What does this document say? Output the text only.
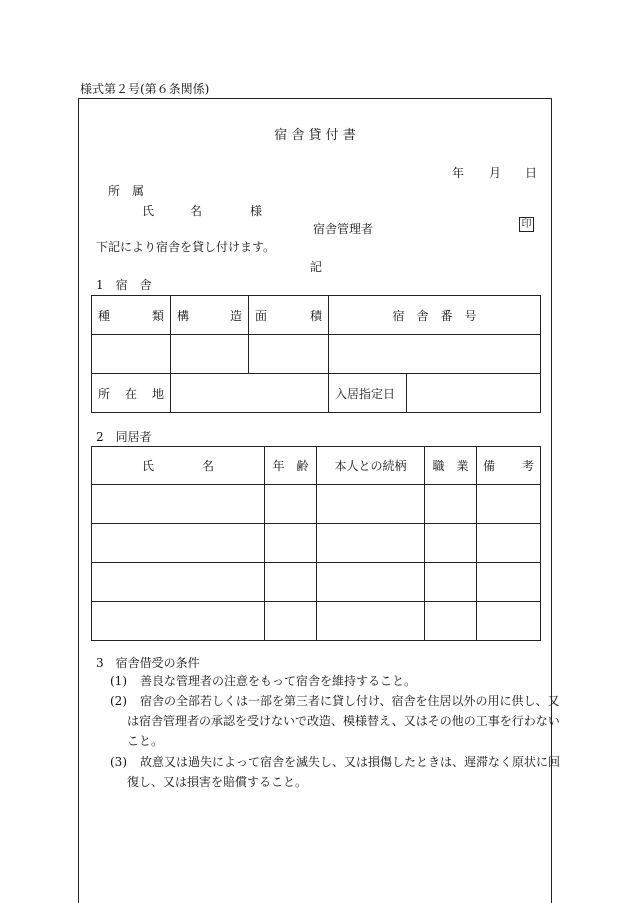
様式第２号(第６条関係)
宿 舎 貸 付 書
年 月 日
所　属
氏　　　名　　　　様
宿舎管理者	印
下記により宿舎を貸し付けます。
記
1　宿　舎
種 類	構 造	面 積	宿　舎　番　号	

所 在 地			入居指定日	
2　同居者
氏　　　　名	年　齢	本人との続柄	職　業	備 考

3　宿舎借受の条件
(1) 善良な管理者の注意をもって宿舎を維持すること。
(2) 宿舎の全部若しくは一部を第三者に貸し付け、宿舎を住居以外の用に供し、又
は宿舎管理者の承認を受けないで改造、模様替え、又はその他の工事を行わない
こと。
(3) 故意又は過失によって宿舎を滅失し、又は損傷したときは、遅滞なく原状に回
復し、又は損害を賠償すること。
